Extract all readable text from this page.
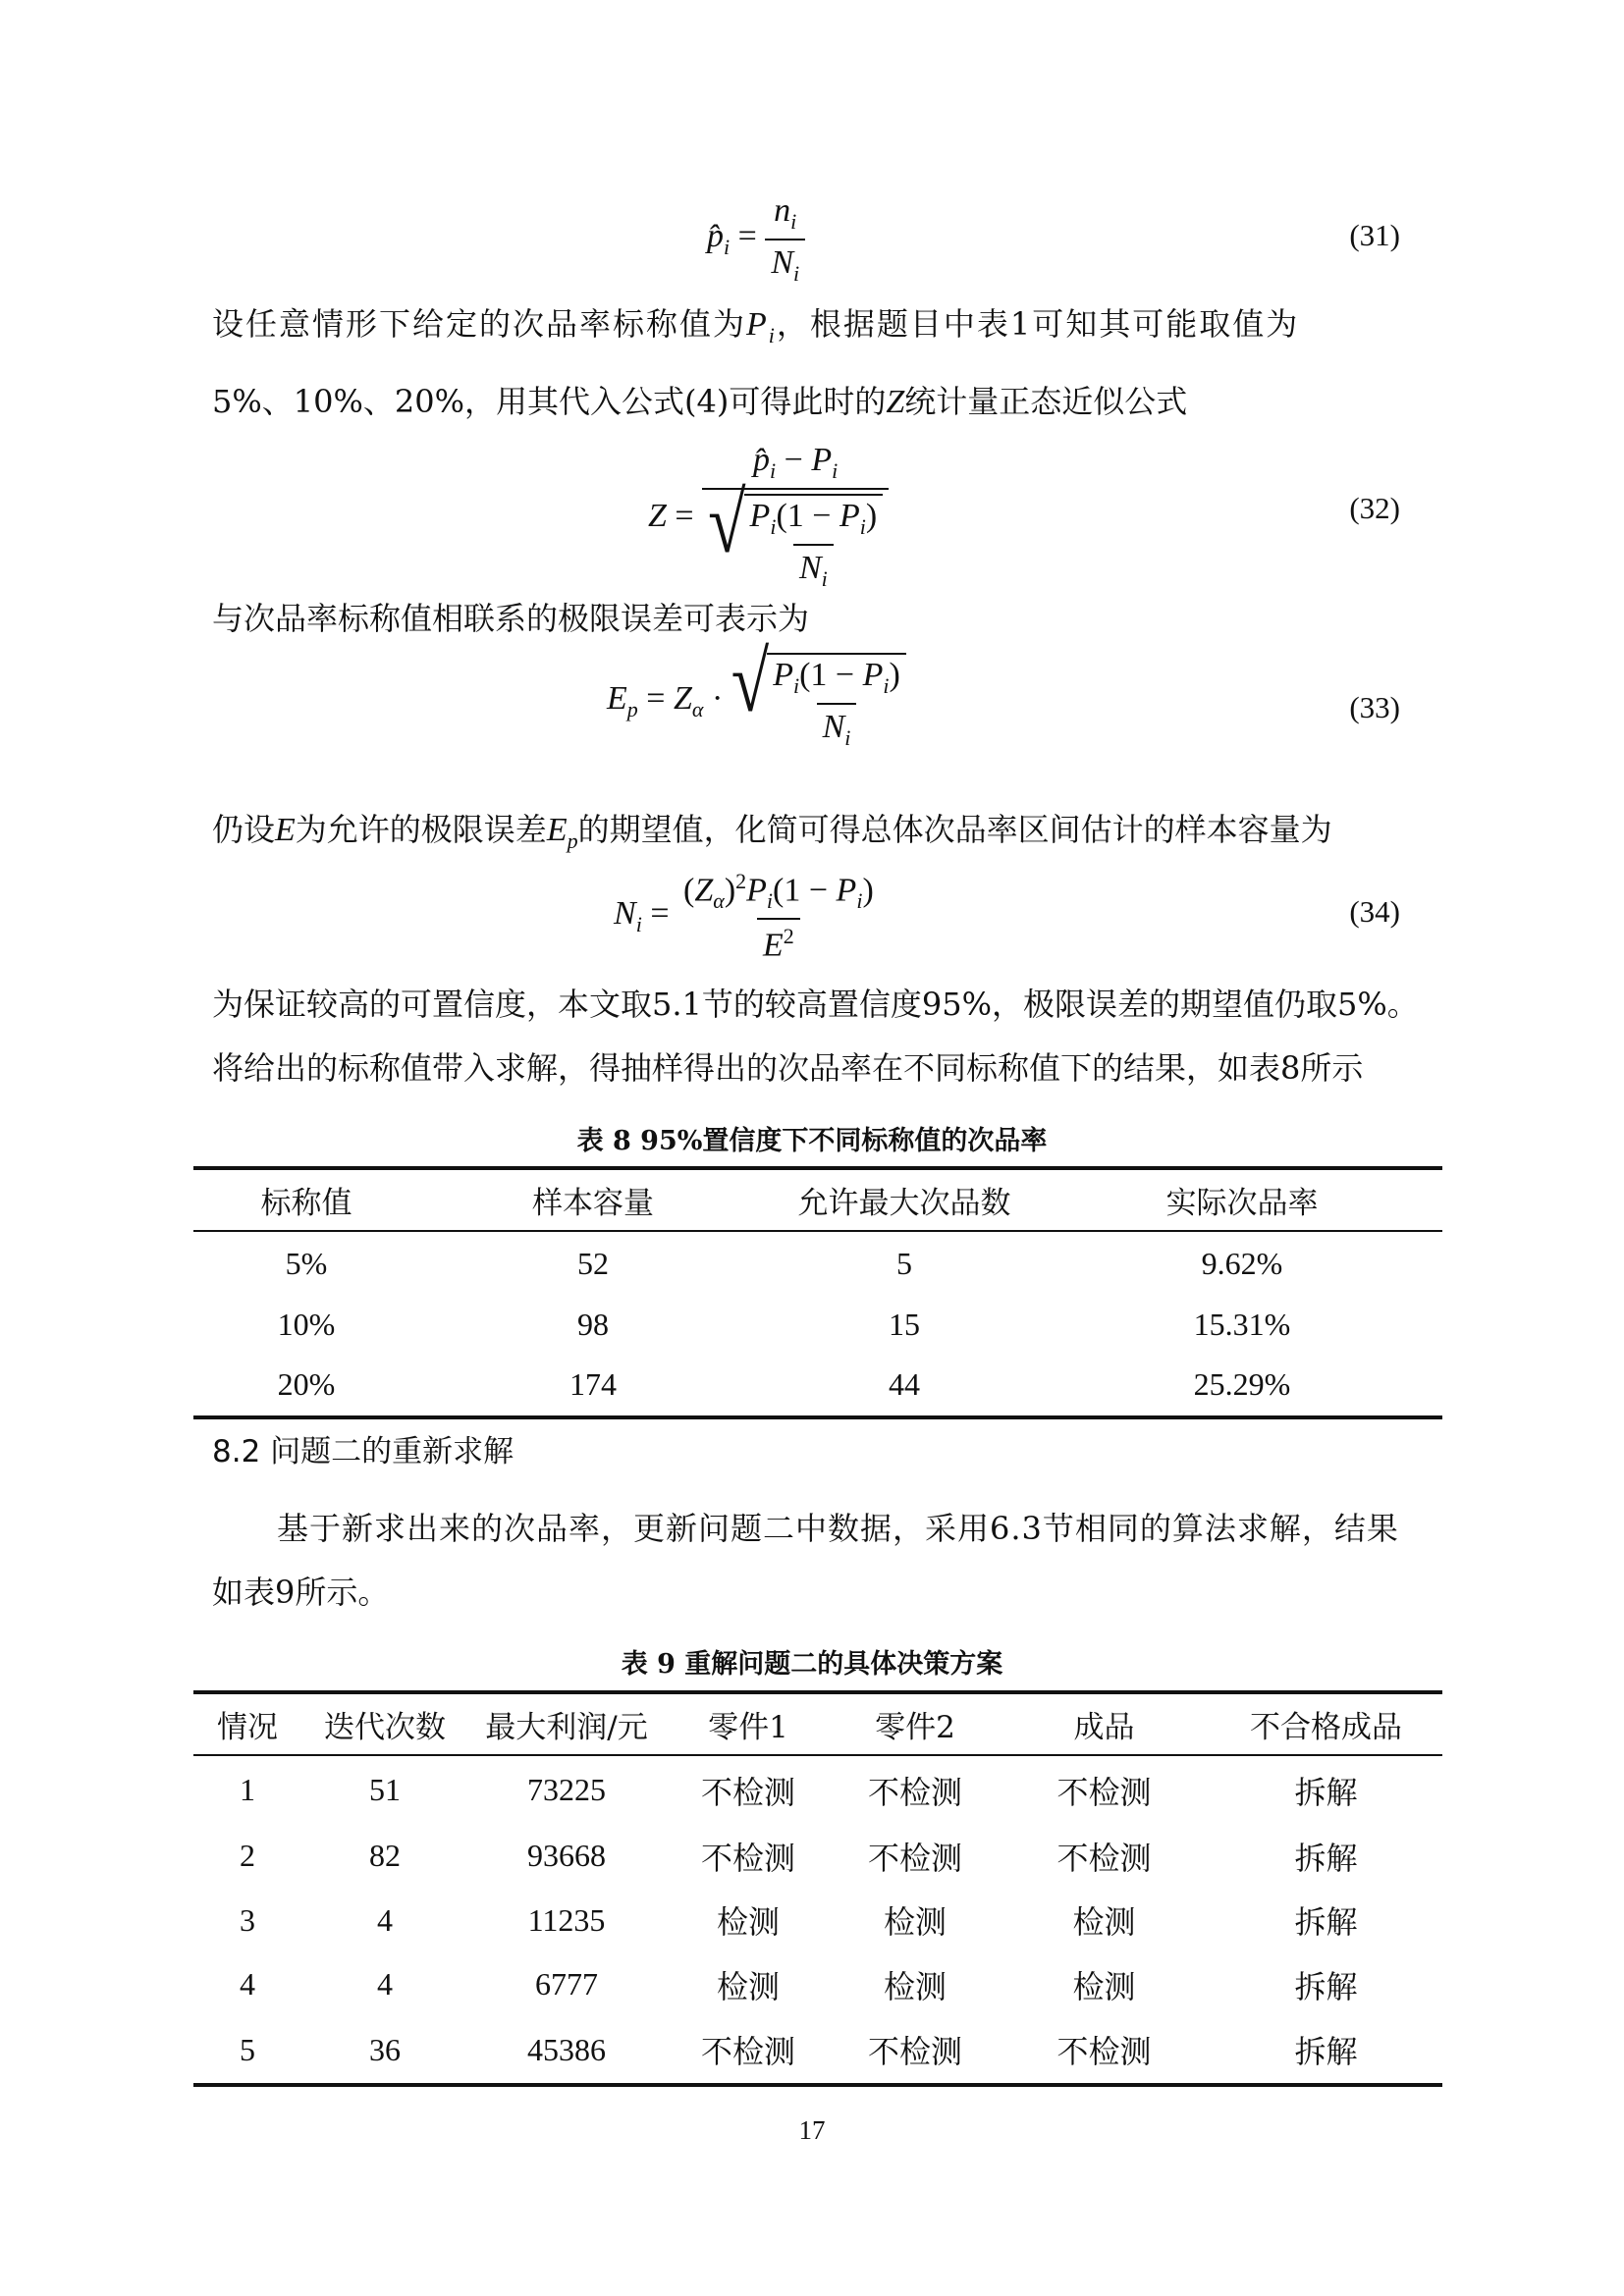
$p̂_i = \frac{n_i}{N_i}$	(31)
设任意情形下给定的次品率标称值为$P_i$，根据题目中表1可知其可能取值为
5%、10%、20%，用其代入公式(4)可得此时的Z统计量正态近似公式
$Z = p̂_i - P_i$
√
$\frac{P_i(1 - P_i)}{N_i}$	(32)
与次品率标称值相联系的极限误差可表示为
$E_p = Z_\alpha$ · √
$\frac{P_i(1 - P_i)}{N_i}$	(33)
仍设E为允许的极限误差$E_p$的期望值，化简可得总体次品率区间估计的样本容量为
$N_i = \frac{(Z_\alpha)^2P_i(1 - P_i)}{E^2}$	(34)
为保证较高的可置信度，本文取5.1节的较高置信度95%，极限误差的期望值仍取5%。
将给出的标称值带入求解，得抽样得出的次品率在不同标称值下的结果，如表8所示
表 8 95%置信度下不同标称值的次品率
标称值	样本容量	允许最大次品数	实际次品率
5%	52	5	9.62%
10%	98	15	15.31%
20%	174	44	25.29%
8.2 问题二的重新求解
基于新求出来的次品率，更新问题二中数据，采用6.3节相同的算法求解，结果
如表9所示。
表 9 重解问题二的具体决策方案
情况	迭代次数	最大利润/元	零件1	零件2	成品	不合格成品
1	51	73225	不检测	不检测	不检测	拆解
2	82	93668	不检测	不检测	不检测	拆解
3	4	11235	检测	检测	检测	拆解
4	4	6777	检测	检测	检测	拆解
5	36	45386	不检测	不检测	不检测	拆解
17
